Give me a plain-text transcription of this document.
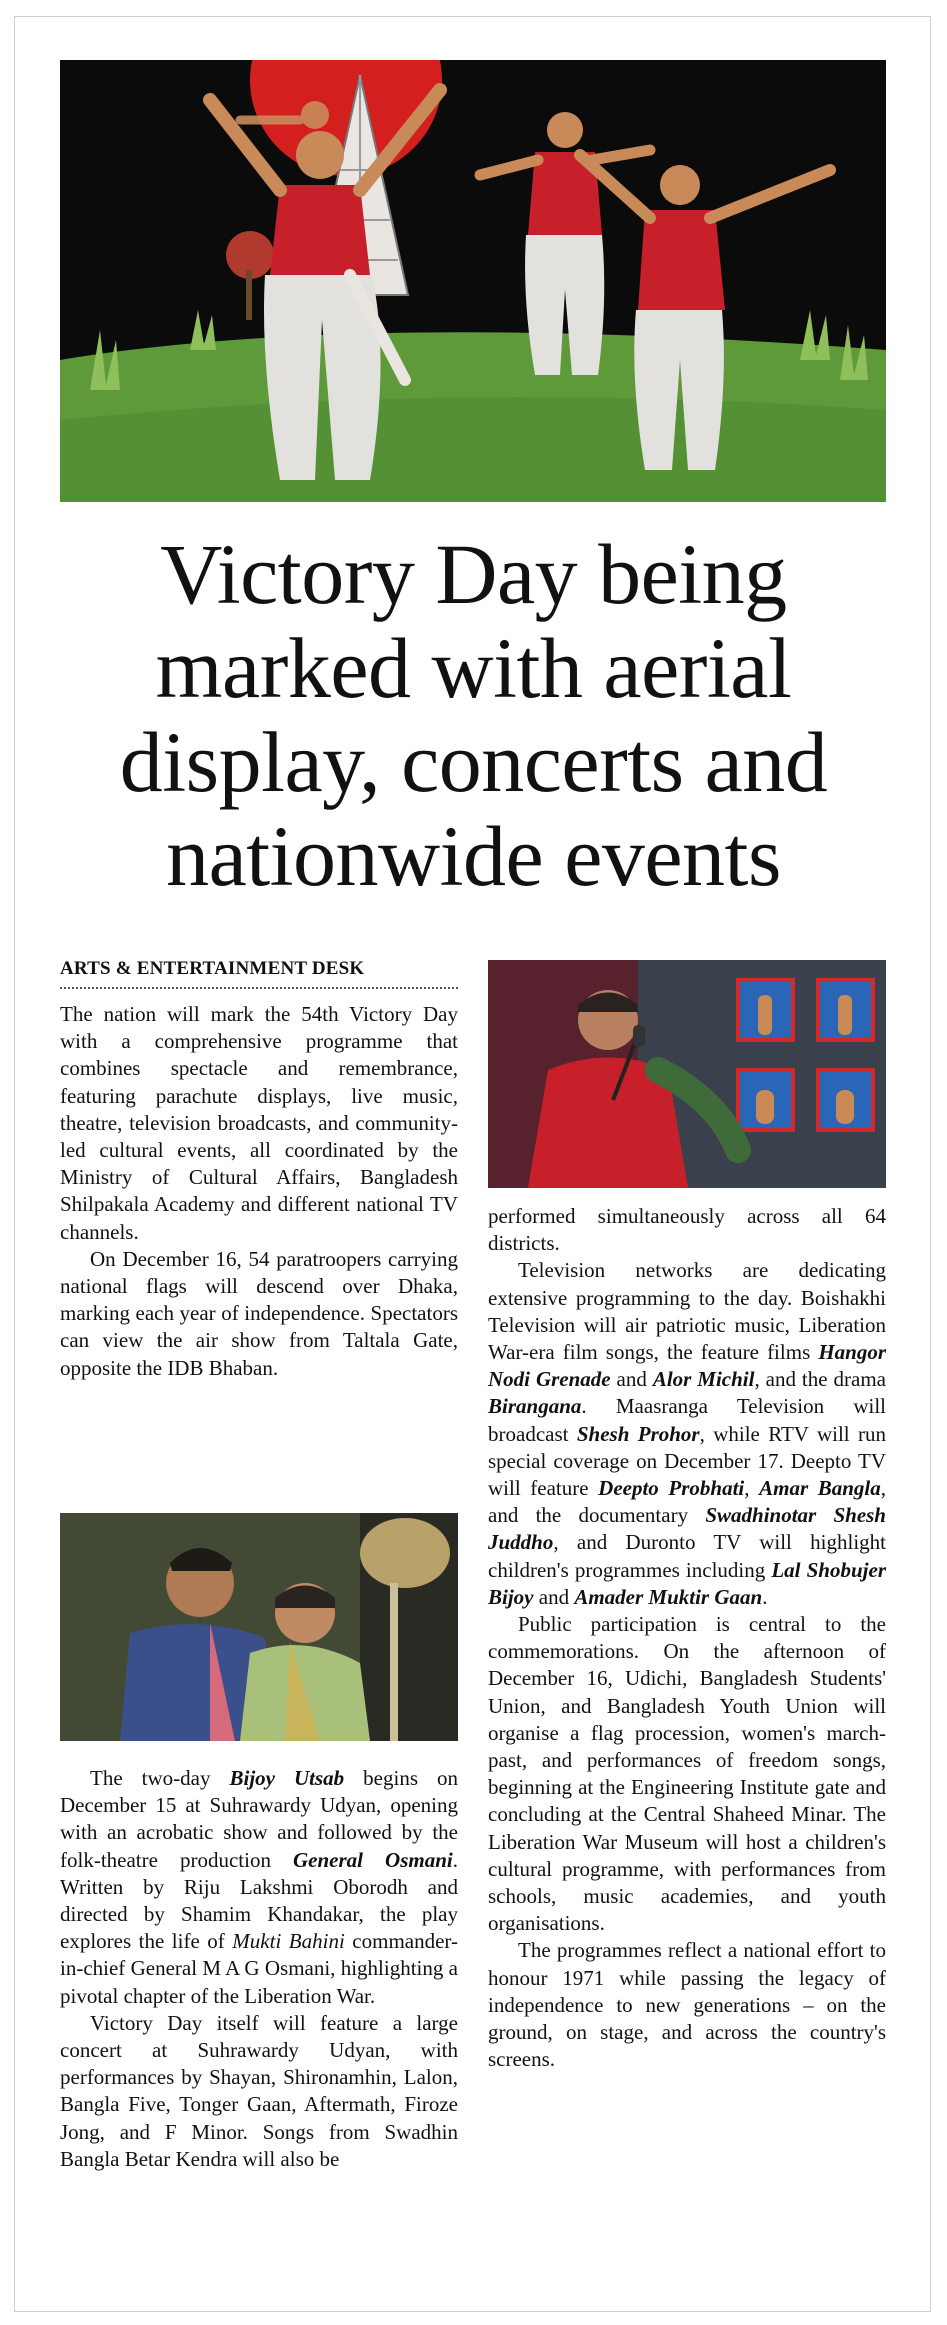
Victory Day being marked with aerial display, concerts and nationwide events
ARTS & ENTERTAINMENT DESK

The nation will mark the 54th Victory Day with a comprehensive programme that combines spectacle and remembrance, featuring parachute displays, live music, theatre, television broadcasts, and community-led cultural events, all coordinated by the Ministry of Cultural Affairs, Bangladesh Shilpakala Academy and different national TV channels.

On December 16, 54 paratroopers carrying national flags will descend over Dhaka, marking each year of independence. Spectators can view the air show from Taltala Gate, opposite the IDB Bhaban.

The two-day Bijoy Utsab begins on December 15 at Suhrawardy Udyan, opening with an acrobatic show and followed by the folk-theatre production General Osmani. Written by Riju Lakshmi Oborodh and directed by Shamim Khandakar, the play explores the life of Mukti Bahini commander-in-chief General M A G Osmani, highlighting a pivotal chapter of the Liberation War.

Victory Day itself will feature a large concert at Suhrawardy Udyan, with performances by Shayan, Shironamhin, Lalon, Bangla Five, Tonger Gaan, Aftermath, Firoze Jong, and F Minor. Songs from Swadhin Bangla Betar Kendra will also be

performed simultaneously across all 64 districts.

Television networks are dedicating extensive programming to the day. Boishakhi Television will air patriotic music, Liberation War-era film songs, the feature films Hangor Nodi Grenade and Alor Michil, and the drama Birangana. Maasranga Television will broadcast Shesh Prohor, while RTV will run special coverage on December 17. Deepto TV will feature Deepto Probhati, Amar Bangla, and the documentary Swadhinotar Shesh Juddho, and Duronto TV will highlight children's programmes including Lal Shobujer Bijoy and Amader Muktir Gaan.

Public participation is central to the commemorations. On the afternoon of December 16, Udichi, Bangladesh Students' Union, and Bangladesh Youth Union will organise a flag procession, women's march-past, and performances of freedom songs, beginning at the Engineering Institute gate and concluding at the Central Shaheed Minar. The Liberation War Museum will host a children's cultural programme, with performances from schools, music academies, and youth organisations.

The programmes reflect a national effort to honour 1971 while passing the legacy of independence to new generations – on the ground, on stage, and across the country's screens.
